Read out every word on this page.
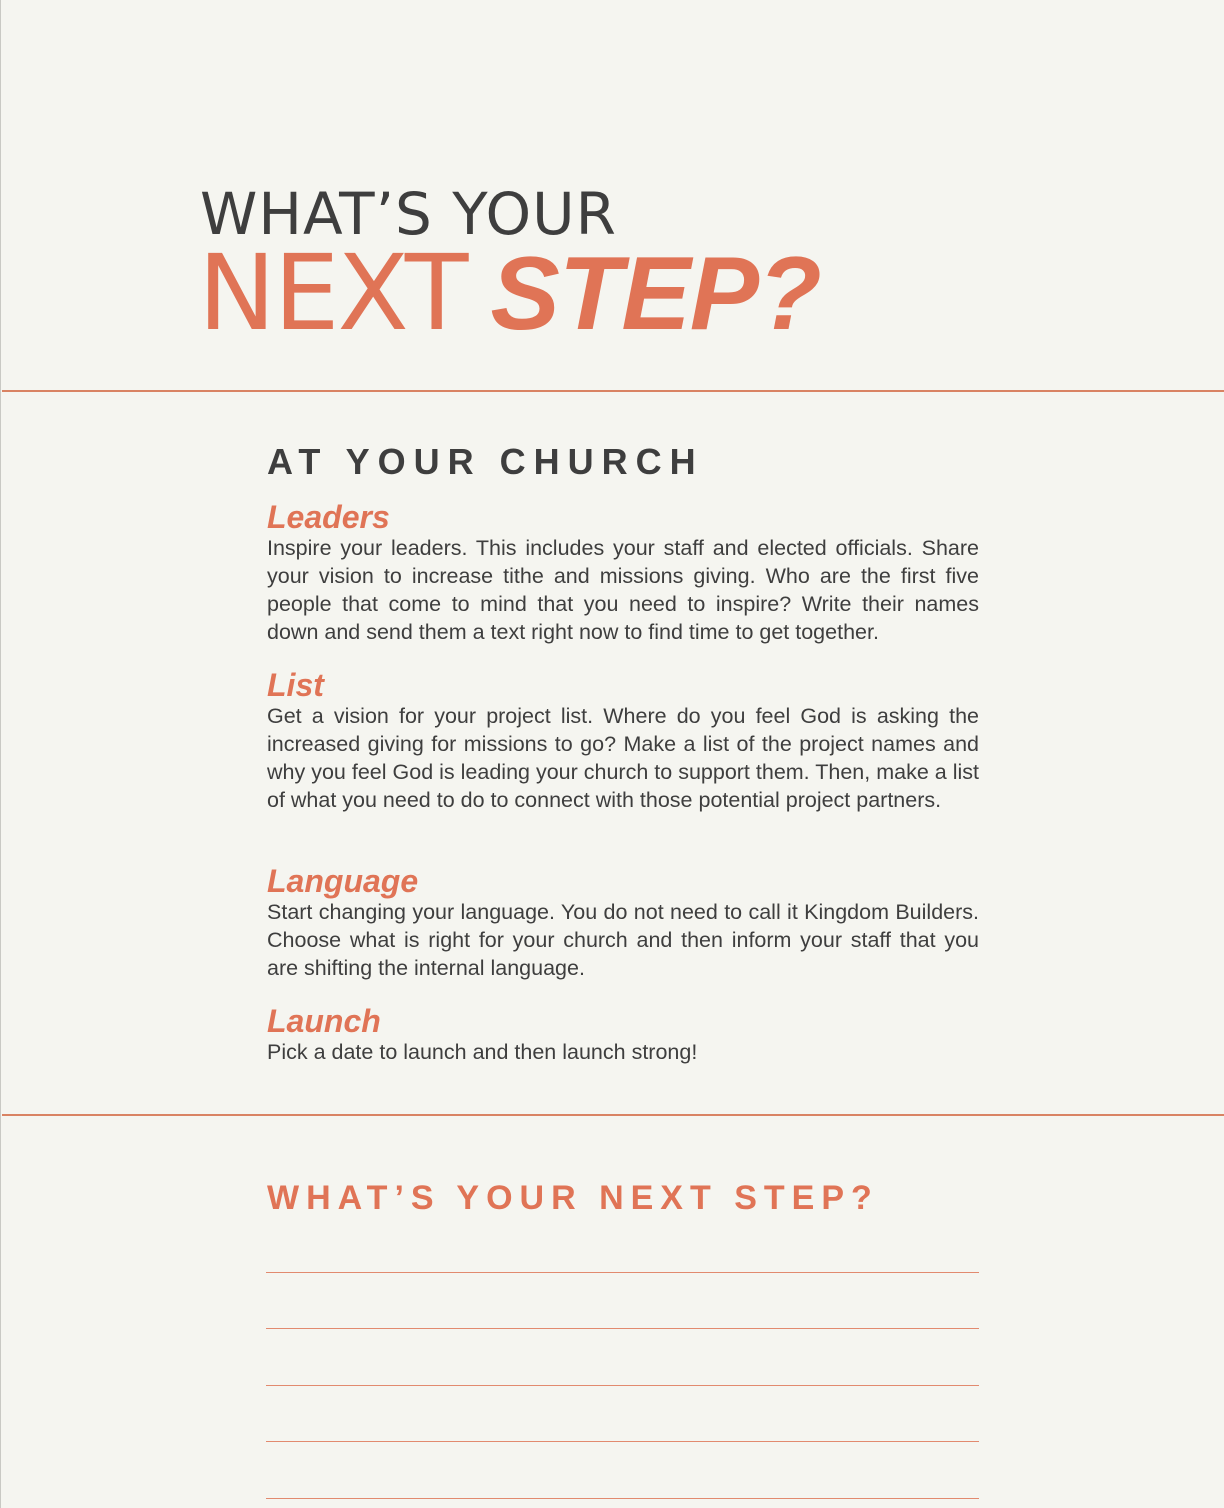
WHAT’S YOUR
NEXT STEP?
AT YOUR CHURCH
Leaders

Inspire your leaders. This includes your staff and elected officials. Share your vision to increase tithe and missions giving. Who are the first five people that come to mind that you need to inspire? Write their names down and send them a text right now to find time to get together.

List

Get a vision for your project list. Where do you feel God is asking the increased giving for missions to go? Make a list of the project names and why you feel God is leading your church to support them. Then, make a list of what you need to do to connect with those potential project partners.

Language

Start changing your language. You do not need to call it Kingdom Builders. Choose what is right for your church and then inform your staff that you are shifting the internal language.

Launch

Pick a date to launch and then launch strong!

WHAT’S YOUR NEXT STEP?
